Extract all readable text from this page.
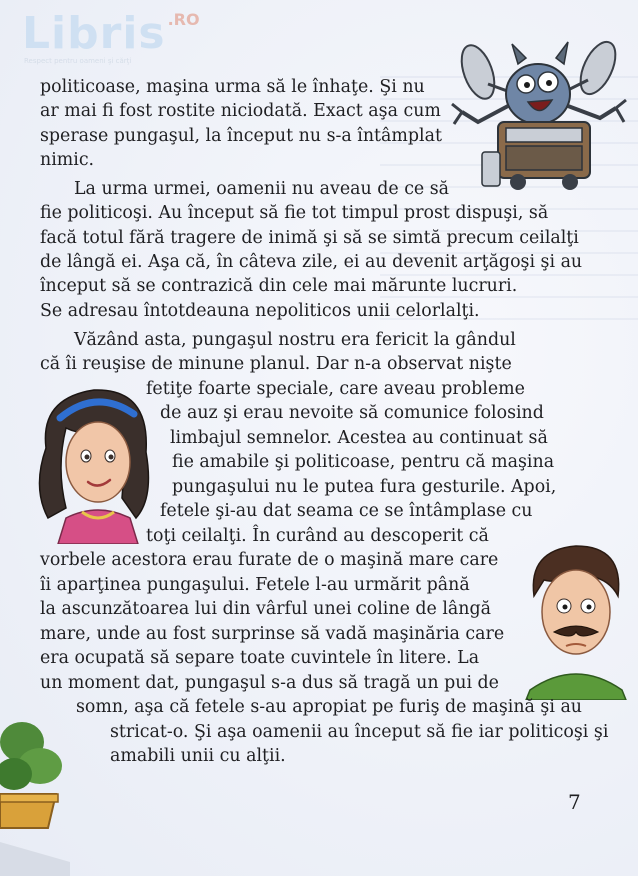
Libris $^{.RO}$
Respect pentru oameni şi cărţi
politicoase, maşina urma să le înhaţe. Şi nu
ar mai fi fost rostite niciodată. Exact aşa cum
sperase pungaşul, la început nu s-a întâmplat
nimic.
La urma urmei, oamenii nu aveau de ce să
fie politicoşi. Au început să fie tot timpul prost dispuşi, să
facă totul fără tragere de inimă şi să se simtă precum ceilalţi
de lângă ei. Aşa că, în câteva zile, ei au devenit arţăgoşi şi au
început să se contrazică din cele mai mărunte lucruri.
Se adresau întotdeauna nepoliticos unii celorlalţi.
Văzând asta, pungaşul nostru era fericit la gândul
că îi reuşise de minune planul. Dar n-a observat nişte
fetiţe foarte speciale, care aveau probleme
de auz şi erau nevoite să comunice folosind
limbajul semnelor. Acestea au continuat să
fie amabile şi politicoase, pentru că maşina
pungaşului nu le putea fura gesturile. Apoi,
fetele şi-au dat seama ce se întâmplase cu
toţi ceilalţi. În curând au descoperit că
vorbele acestora erau furate de o maşină mare care
îi aparţinea pungaşului. Fetele l-au urmărit până
la ascunzătoarea lui din vârful unei coline de lângă
mare, unde au fost surprinse să vadă maşinăria care
era ocupată să separe toate cuvintele în litere. La
un moment dat, pungaşul s-a dus să tragă un pui de
somn, aşa că fetele s-au apropiat pe furiş de maşină şi au
stricat-o. Şi aşa oamenii au început să fie iar politicoşi şi
amabili unii cu alţii.
7
